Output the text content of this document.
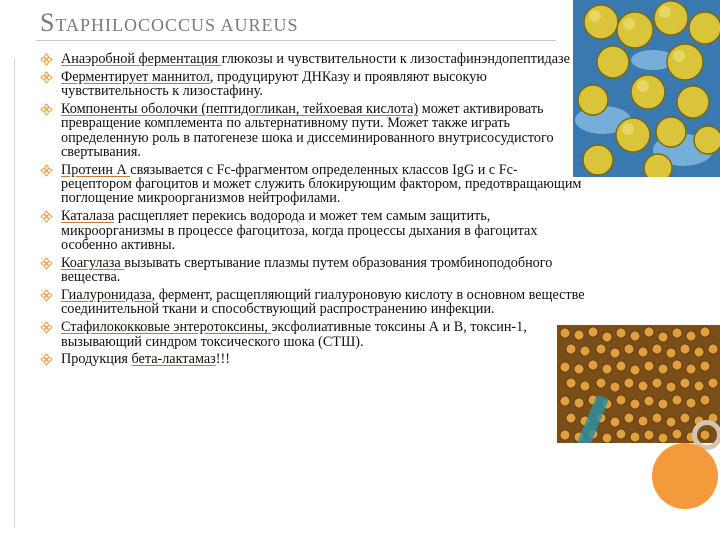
STAPHILOCOCCUS AUREUS
Анаэробной ферментация глюкозы и чувствительности к лизостафинэндопептидазе
Ферментирует маннитол, продуцируют ДНКазу и проявляют высокую чувствительность к лизостафину.
Компоненты оболочки (пептидогликан, тейхоевая кислота) может активировать превращение комплемента по альтернативному пути. Может также играть определенную роль в патогенезе шока и диссеминированного внутрисосудистого свертывания.
Протеин А связывается с Fc-фрагментом определенных классов IgG и с Fc-рецептором фагоцитов и может служить блокирующим фактором, предотвращающим поглощение микроорганизмов нейтрофилами.
Каталаза расщепляет перекись водорода и может тем самым защитить, микроорганизмы в процессе фагоцитоза, когда процессы дыхания в фагоцитах особенно активны.
Коагулаза вызывать свертывание плазмы путем образования тромбиноподобного вещества.
Гиалуронидаза, фермент, расщепляющий гиалуроновую кислоту в основном веществе соединительной ткани и способствующий распространению инфекции.
Стафилококковые энтеротоксины, эксфолиативные токсины А и В, токсин-1, вызывающий синдром токсического шока (СТШ).
Продукция бета-лактамаз!!!
